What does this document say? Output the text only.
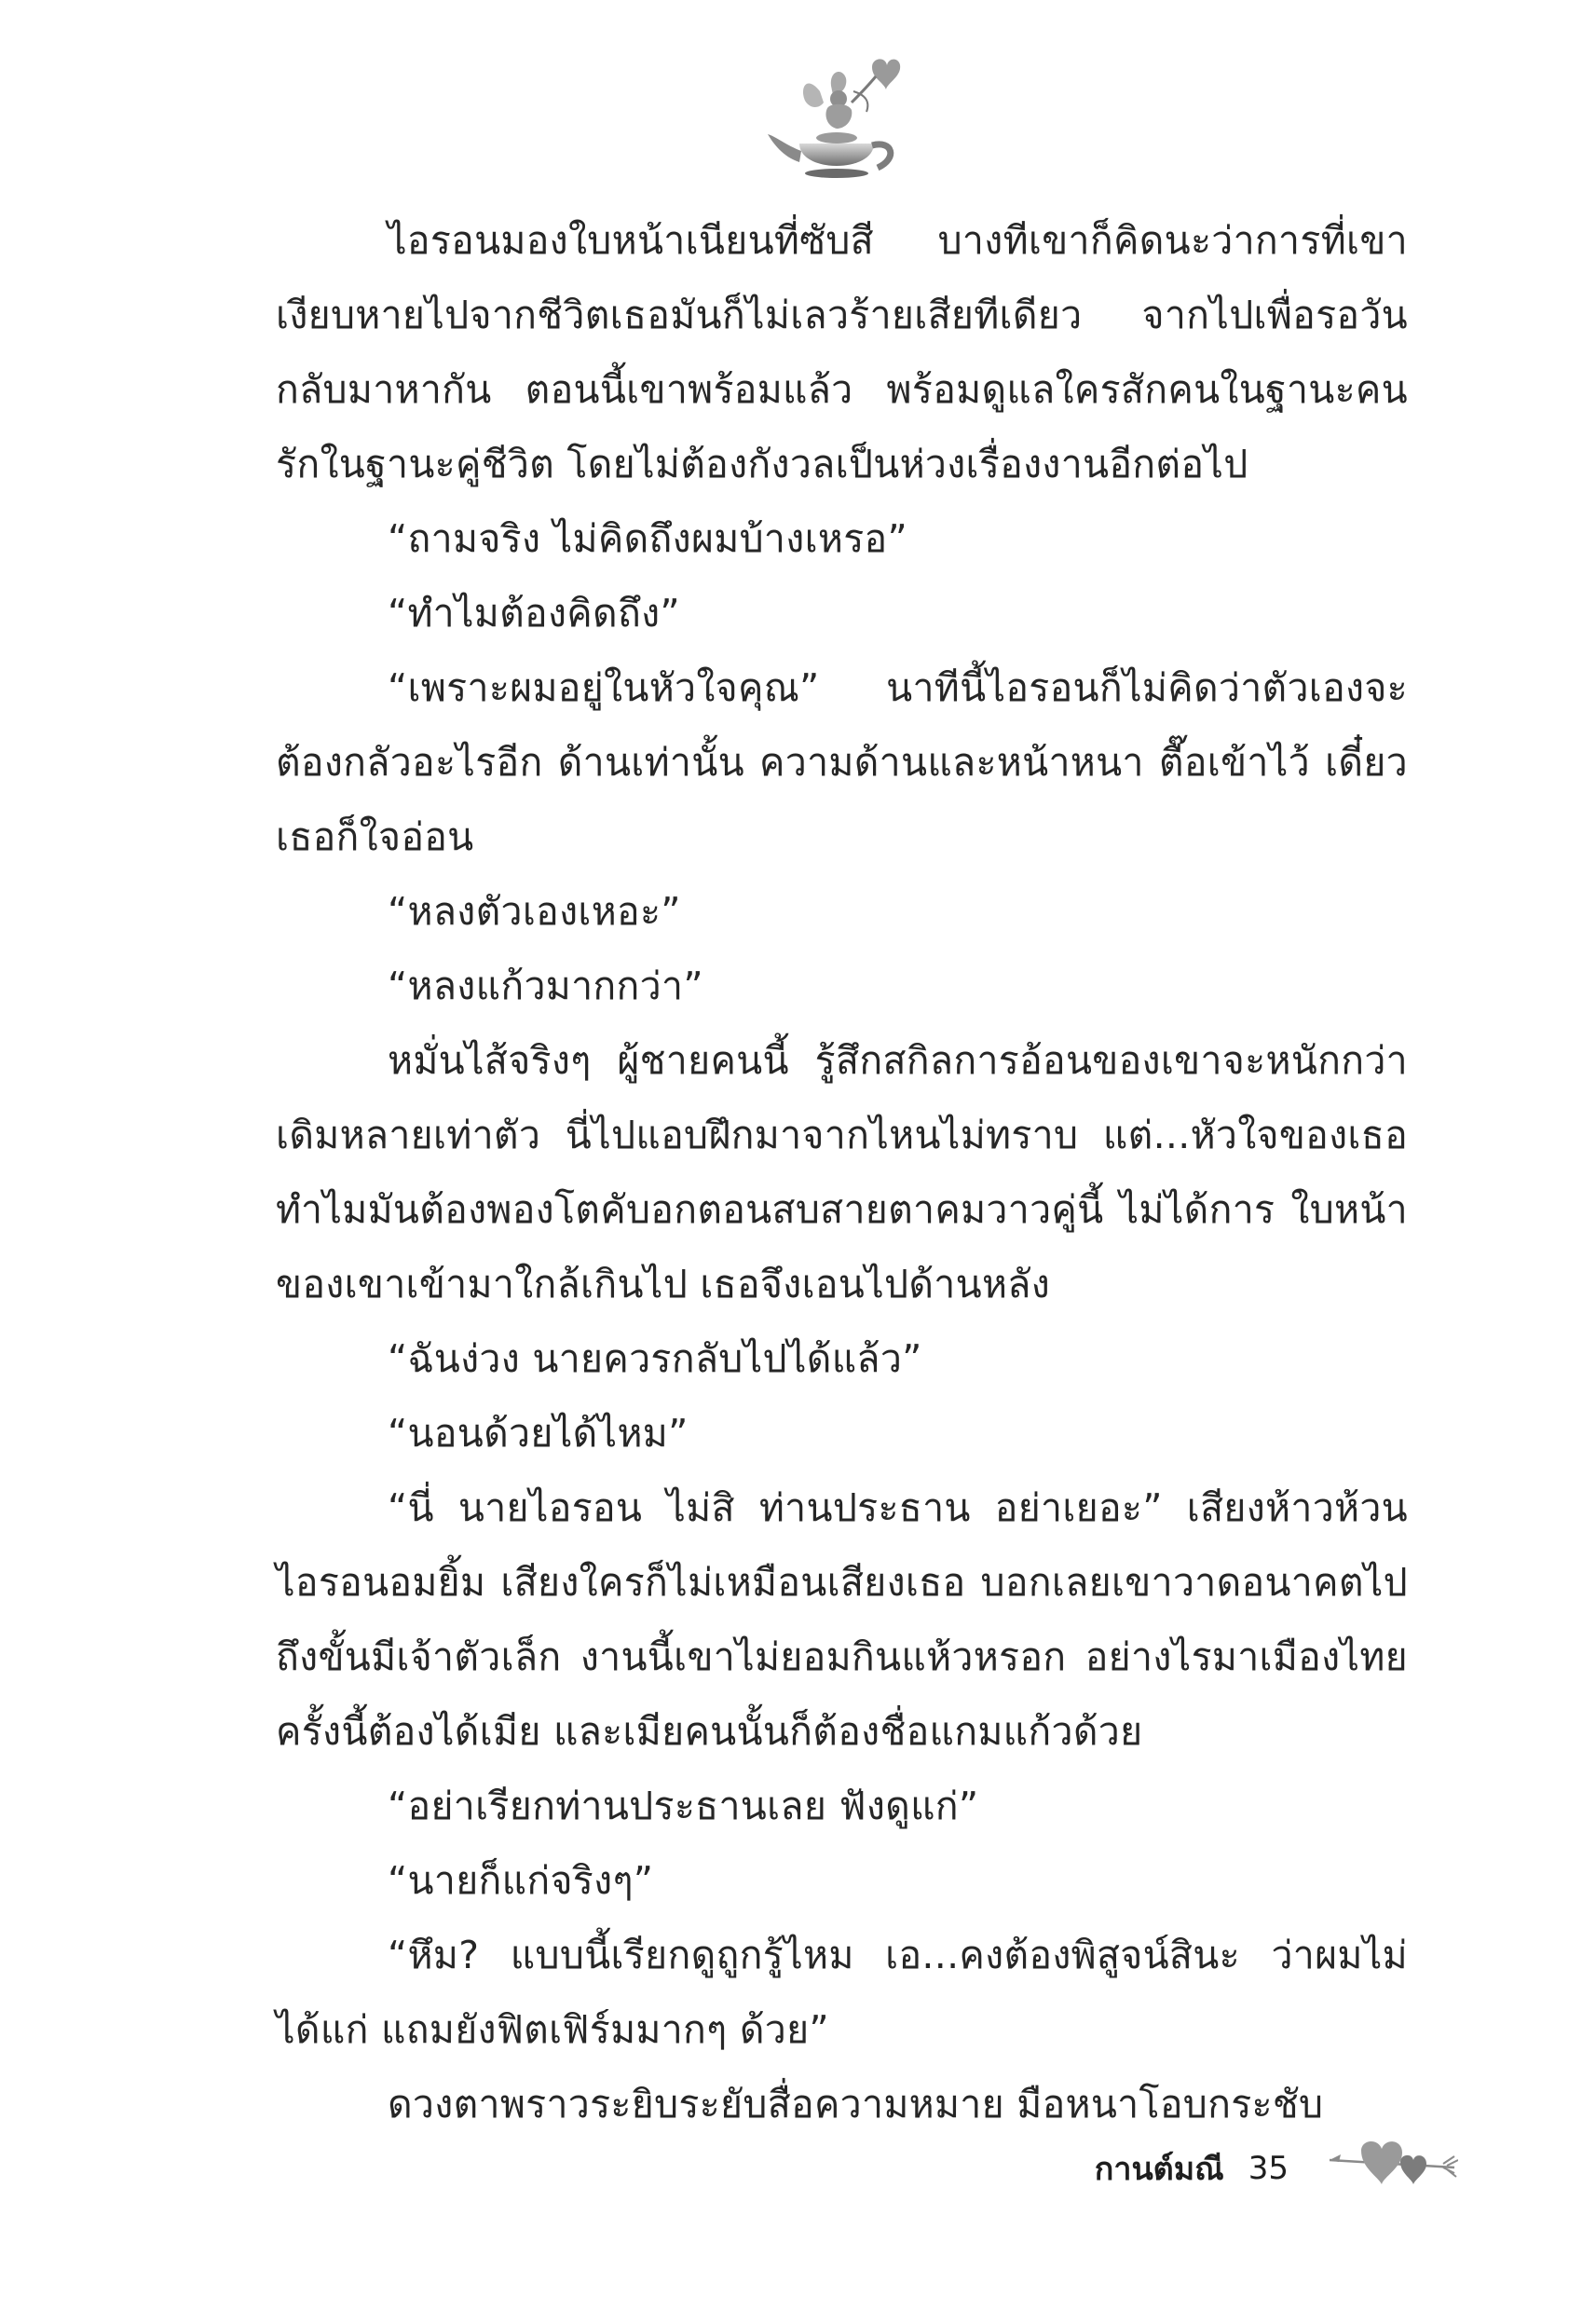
ไอรอนมองใบหน้าเนียนที่ซับสี บางทีเขาก็คิดนะว่าการที่เขาเงียบหายไปจากชีวิตเธอมันก็ไม่เลวร้ายเสียทีเดียว จากไปเพื่อรอวันกลับมาหากัน ตอนนี้เขาพร้อมแล้ว พร้อมดูแลใครสักคนในฐานะคนรักในฐานะคู่ชีวิต โดยไม่ต้องกังวลเป็นห่วงเรื่องงานอีกต่อไป

“ถามจริง ไม่คิดถึงผมบ้างเหรอ”

“ทำไมต้องคิดถึง”

“เพราะผมอยู่ในหัวใจคุณ” นาทีนี้ไอรอนก็ไม่คิดว่าตัวเองจะต้องกลัวอะไรอีก ด้านเท่านั้น ความด้านและหน้าหนา ตื๊อเข้าไว้ เดี๋ยวเธอก็ใจอ่อน

“หลงตัวเองเหอะ”

“หลงแก้วมากกว่า”

หมั่นไส้จริงๆ ผู้ชายคนนี้ รู้สึกสกิลการอ้อนของเขาจะหนักกว่าเดิมหลายเท่าตัว นี่ไปแอบฝึกมาจากไหนไม่ทราบ แต่...หัวใจของเธอทำไมมันต้องพองโตคับอกตอนสบสายตาคมวาวคู่นี้ ไม่ได้การ ใบหน้าของเขาเข้ามาใกล้เกินไป เธอจึงเอนไปด้านหลัง

“ฉันง่วง นายควรกลับไปได้แล้ว”

“นอนด้วยได้ไหม”

“นี่ นายไอรอน ไม่สิ ท่านประธาน อย่าเยอะ” เสียงห้าวห้วน ไอรอนอมยิ้ม เสียงใครก็ไม่เหมือนเสียงเธอ บอกเลยเขาวาดอนาคตไปถึงขั้นมีเจ้าตัวเล็ก งานนี้เขาไม่ยอมกินแห้วหรอก อย่างไรมาเมืองไทยครั้งนี้ต้องได้เมีย และเมียคนนั้นก็ต้องชื่อแกมแก้วด้วย

“อย่าเรียกท่านประธานเลย ฟังดูแก่”

“นายก็แก่จริงๆ”

“หึม? แบบนี้เรียกดูถูกรู้ไหม เอ...คงต้องพิสูจน์สินะ ว่าผมไม่ได้แก่ แถมยังฟิตเฟิร์มมากๆ ด้วย”

ดวงตาพราวระยิบระยับสื่อความหมาย มือหนาโอบกระชับ

กานต์มณี 35
